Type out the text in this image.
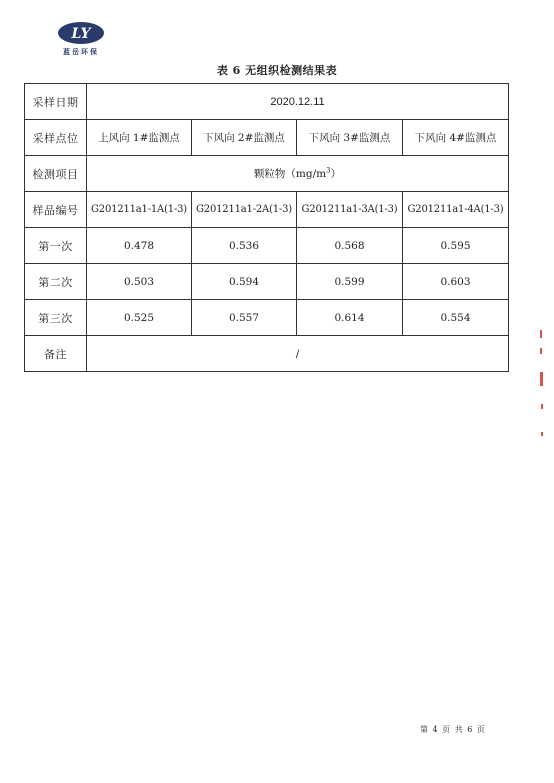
LY
蓝岳环保
表 6 无组织检测结果表
采样日期	2020.12.11			
采样点位	上风向 1#监测点	下风向 2#监测点	下风向 3#监测点	下风向 4#监测点
检测项目	颗粒物$(mg/m^3)$			
样品编号	G201211a1-1A(1-3)	G201211a1-2A(1-3)	G201211a1-3A(1-3)	G201211a1-4A(1-3)
第一次	0.478	0.536	0.568	0.595
第二次	0.503	0.594	0.599	0.603
第三次	0.525	0.557	0.614	0.554
备注	/			
第 4 页 共 6 页
